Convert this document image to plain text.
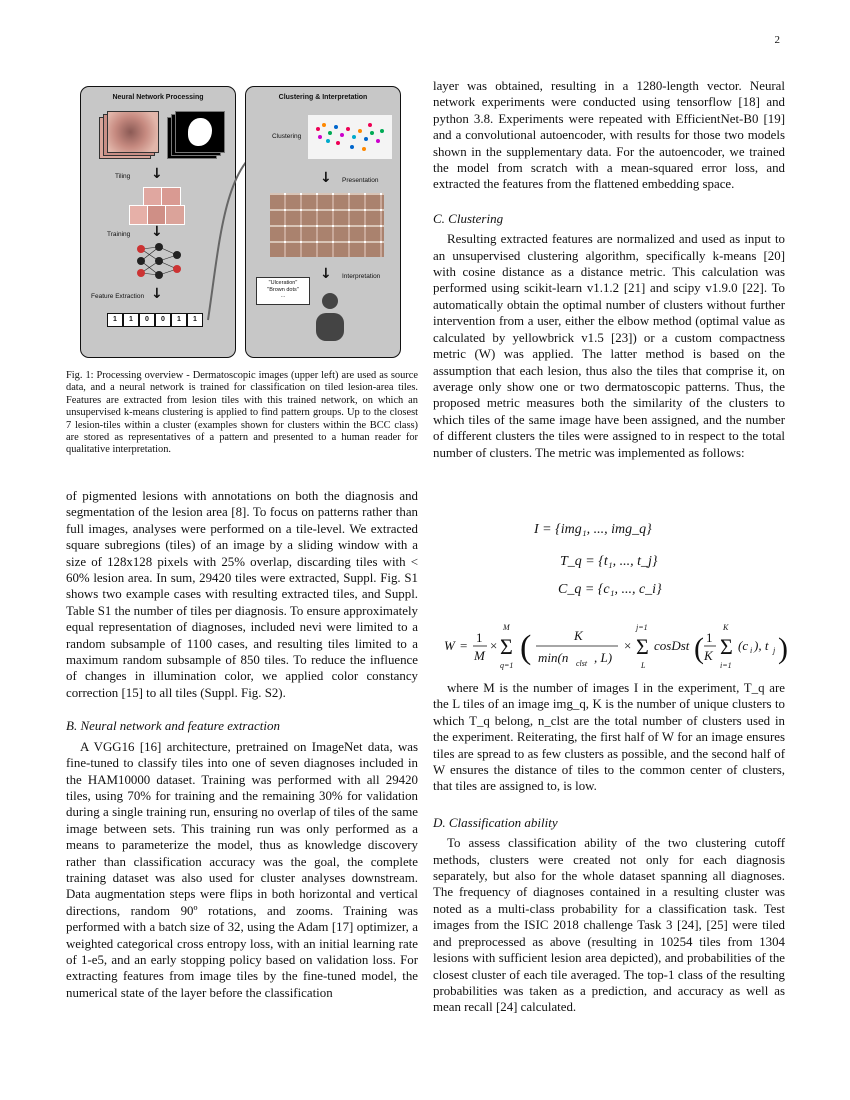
2
Neural Network Processing
Tiling ↓
Training ↓
Feature Extraction ↓
1	1	0	0	1	1
Clustering & Interpretation
Clustering
↓ Presentation
↓ Interpretation
"Ulceration"
"Brown dots"
...
Fig. 1: Processing overview - Dermatoscopic images (upper left) are used as source data, and a neural network is trained for classification on tiled lesion-area tiles. Features are extracted from lesion tiles with this trained network, on which an unsupervised k-means clustering is applied to find pattern groups. Up to the closest 7 lesion-tiles within a cluster (examples shown for clusters within the BCC class) are stored as representatives of a pattern and presented to a human reader for qualitative interpretation.

of pigmented lesions with annotations on both the diagnosis and segmentation of the lesion area [8]. To focus on patterns rather than full images, analyses were performed on a tile-level. We extracted square subregions (tiles) of an image by a sliding window with a size of 128x128 pixels with 25% overlap, discarding tiles with < 60% lesion area. In sum, 29420 tiles were extracted, Suppl. Fig. S1 shows two example cases with resulting extracted tiles, and Suppl. Table S1 the number of tiles per diagnosis. To ensure approximately equal representation of diagnoses, included nevi were limited to a random subsample of 1100 cases, and resulting tiles limited to a maximum random subsample of 850 tiles. To reduce the influence of changes in illumination color, we applied color constancy correction [15] to all tiles (Suppl. Fig. S2).

B. Neural network and feature extraction

A VGG16 [16] architecture, pretrained on ImageNet data, was fine-tuned to classify tiles into one of seven diagnoses included in the HAM10000 dataset. Training was performed with all 29420 tiles, using 70% for training and the remaining 30% for validation during a single training run, ensuring no overlap of tiles of the same image between sets. This training run was only performed as a means to parameterize the model, thus as knowledge discovery rather than classification accuracy was the goal, the complete training dataset was also used for cluster analyses downstream. Data augmentation steps were flips in both horizontal and vertical directions, random 90º rotations, and zooms. Training was performed with a batch size of 32, using the Adam [17] optimizer, a weighted categorical cross entropy loss, with an initial learning rate of 1-e5, and an early stopping policy based on validation loss. For extracting features from image tiles by the fine-tuned model, the numerical state of the layer before the classification

layer was obtained, resulting in a 1280-length vector. Neural network experiments were conducted using tensorflow [18] and python 3.8. Experiments were repeated with EfficientNet-B0 [19] and a convolutional autoencoder, with results for those two models shown in the supplementary data. For the autoencoder, we trained the model from scratch with a mean-squared error loss, and extracted the features from the flattened embedding space.

C. Clustering

Resulting extracted features are normalized and used as input to an unsupervised clustering algorithm, specifically k-means [20] with cosine distance as a distance metric. This calculation was performed using scikit-learn v1.1.2 [21] and scipy v1.9.0 [22]. To automatically obtain the optimal number of clusters without further intervention from a user, either the elbow method (optimal value as calculated by yellowbrick v1.5 [23]) or a custom compactness metric (W) was applied. The latter method is based on the assumption that each lesion, thus also the tiles that comprise it, on average only show one or two dermatoscopic patterns. Thus, the proposed metric measures both the similarity of the clusters to which tiles of the same image have been assigned, and the number of different clusters the tiles were assigned to in respect to the total number of clusters. The metric was implemented as follows:

I = {img₁, ..., img_q}
T_q = {t₁, ..., t_j}
C_q = {c₁, ..., c_i}
W =
1
M
× Σ
M
q=1 (	K
min(n clst , L)
× Σ
j=1
L
cosDst ( 1
K Σ
K
i=1
(c i ), t j )

where M is the number of images I in the experiment, T_q are the L tiles of an image img_q, K is the number of unique clusters to which T_q belong, n_clst are the total number of clusters used in the experiment. Reiterating, the first half of W for an image ensures tiles are spread to as few clusters as possible, and the second half of W ensures the distance of tiles to the common center of clusters, that tiles are assigned to, is low.

D. Classification ability

To assess classification ability of the two clustering cutoff methods, clusters were created not only for each diagnosis separately, but also for the whole dataset spanning all diagnoses. The frequency of diagnoses contained in a resulting cluster was noted as a multi-class probability for a classification task. Test images from the ISIC 2018 challenge Task 3 [24], [25] were tiled and preprocessed as above (resulting in 10254 tiles from 1304 lesions with sufficient lesion area depicted), and probabilities of the closest cluster of each tile averaged. The top-1 class of the resulting probabilities was taken as a prediction, and accuracy as well as mean recall [24] calculated.
